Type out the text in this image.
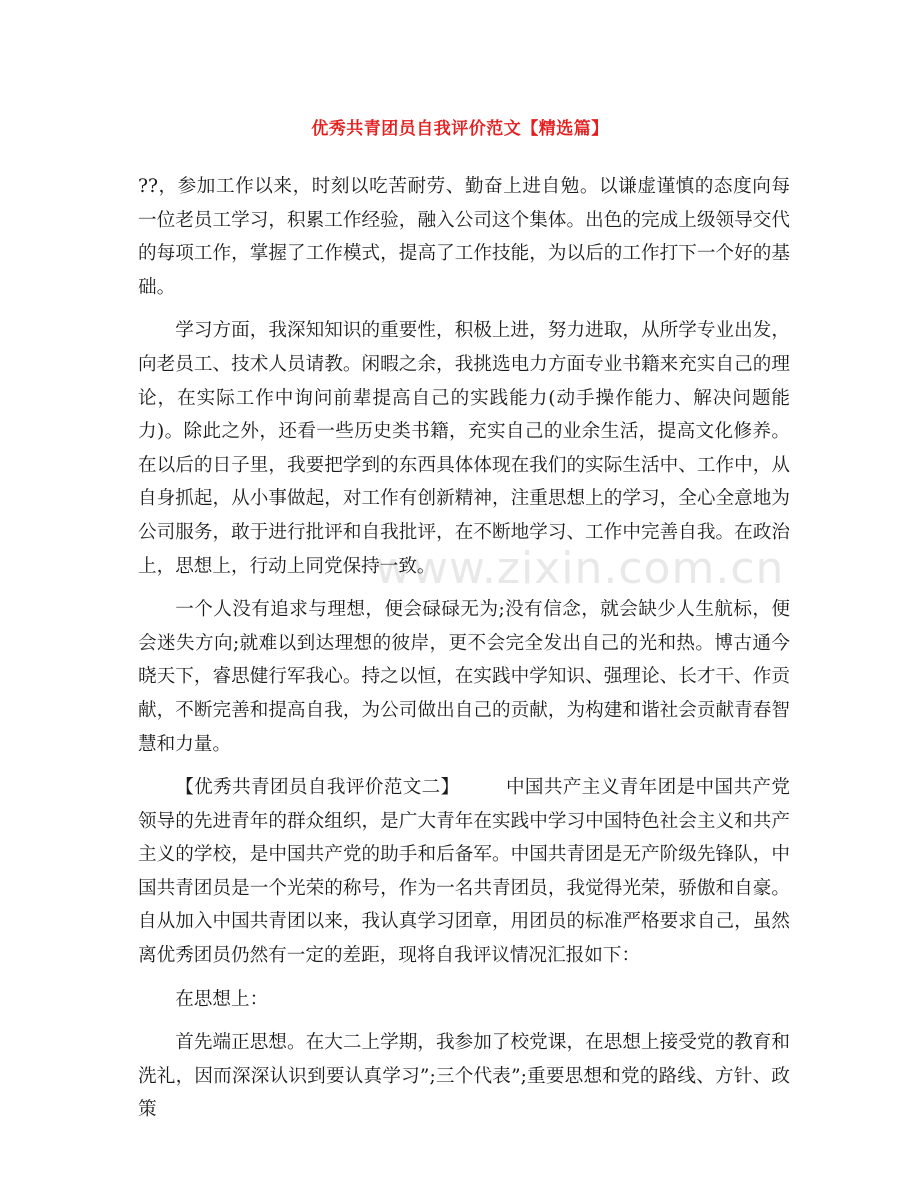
优秀共青团员自我评价范文【精选篇】
www.zixin.com.cn

??，参加工作以来，时刻以吃苦耐劳、勤奋上进自勉。以谦虚谨慎的态度向每一位老员工学习，积累工作经验，融入公司这个集体。出色的完成上级领导交代的每项工作，掌握了工作模式，提高了工作技能，为以后的工作打下一个好的基础。

学习方面，我深知知识的重要性，积极上进，努力进取，从所学专业出发，向老员工、技术人员请教。闲暇之余，我挑选电力方面专业书籍来充实自己的理论，在实际工作中询问前辈提高自己的实践能力(动手操作能力、解决问题能力)。除此之外，还看一些历史类书籍，充实自己的业余生活，提高文化修养。在以后的日子里，我要把学到的东西具体体现在我们的实际生活中、工作中，从自身抓起，从小事做起，对工作有创新精神，注重思想上的学习，全心全意地为公司服务，敢于进行批评和自我批评，在不断地学习、工作中完善自我。在政治上，思想上，行动上同党保持一致。

一个人没有追求与理想，便会碌碌无为;没有信念，就会缺少人生航标，便会迷失方向;就难以到达理想的彼岸，更不会完全发出自己的光和热。博古通今晓天下，睿思健行军我心。持之以恒，在实践中学知识、强理论、长才干、作贡献，不断完善和提高自我，为公司做出自己的贡献，为构建和谐社会贡献青春智慧和力量。

【优秀共青团员自我评价范文二】 中国共产主义青年团是中国共产党领导的先进青年的群众组织，是广大青年在实践中学习中国特色社会主义和共产主义的学校，是中国共产党的助手和后备军。中国共青团是无产阶级先锋队，中国共青团员是一个光荣的称号，作为一名共青团员，我觉得光荣，骄傲和自豪。自从加入中国共青团以来，我认真学习团章，用团员的标准严格要求自己，虽然离优秀团员仍然有一定的差距，现将自我评议情况汇报如下：

在思想上：

首先端正思想。在大二上学期，我参加了校党课，在思想上接受党的教育和洗礼，因而深深认识到要认真学习”;三个代表”;重要思想和党的路线、方针、政策
